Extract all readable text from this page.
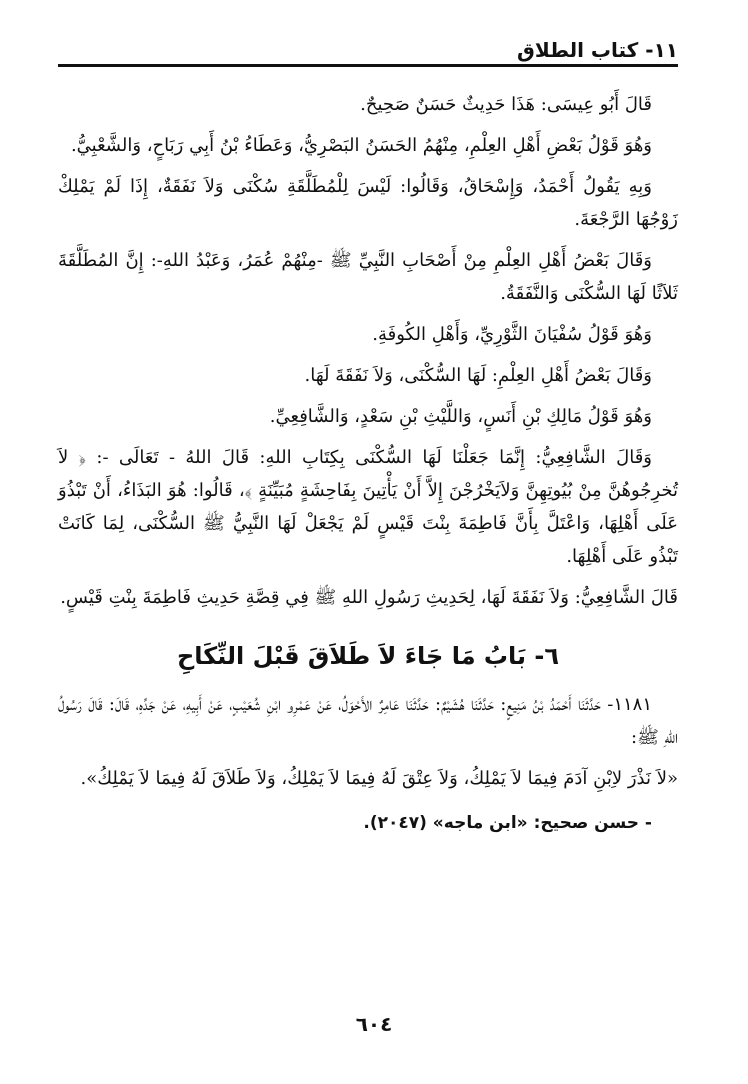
١١- كتاب الطلاق

قَالَ أَبُو عِيسَى: هَذَا حَدِيثٌ حَسَنٌ صَحِيحٌ.

وَهُوَ قَوْلُ بَعْضِ أَهْلِ العِلْمِ، مِنْهُمُ الحَسَنُ البَصْرِيُّ، وَعَطَاءُ بْنُ أَبِي رَبَاحٍ، وَالشَّعْبِيُّ.

وَبِهِ يَقُولُ أَحْمَدُ، وَإِسْحَاقُ، وَقَالُوا: لَيْسَ لِلْمُطَلَّقَةِ سُكْنَى وَلاَ نَفَقَةٌ، إِذَا لَمْ يَمْلِكْ زَوْجُهَا الرَّجْعَةَ.

وَقَالَ بَعْضُ أَهْلِ العِلْمِ مِنْ أَصْحَابِ النَّبِيِّ ﷺ -مِنْهُمْ عُمَرُ، وَعَبْدُ اللهِ-: إِنَّ المُطَلَّقَةَ ثَلاَثًا لَهَا السُّكْنَى وَالنَّفَقَةُ.

وَهُوَ قَوْلُ سُفْيَانَ الثَّوْرِيِّ، وَأَهْلِ الكُوفَةِ.

وَقَالَ بَعْضُ أَهْلِ العِلْمِ: لَهَا السُّكْنَى، وَلاَ نَفَقَةَ لَهَا.

وَهُوَ قَوْلُ مَالِكِ بْنِ أَنَسٍ، وَاللَّيْثِ بْنِ سَعْدٍ، وَالشَّافِعِيِّ.

وَقَالَ الشَّافِعِيُّ: إِنَّمَا جَعَلْنَا لَهَا السُّكْنَى بِكِتَابِ اللهِ: قَالَ اللهُ - تَعَالَى -: ﴿ لاَ تُخرِجُوهُنَّ مِنْ بُيُوتِهِنَّ وَلاَيَخْرُجْنَ إِلاَّ أَنْ يَأْتِينَ بِفَاحِشَةٍ مُبَيِّنَةٍ ﴾، قَالُوا: هُوَ البَذَاءُ، أَنْ تَبْذُوَ عَلَى أَهْلِهَا، وَاعْتَلَّ بِأَنَّ فَاطِمَةَ بِنْتَ قَيْسٍ لَمْ يَجْعَلْ لَهَا النَّبِيُّ ﷺ السُّكْنَى، لِمَا كَانَتْ تَبْذُو عَلَى أَهْلِهَا.

قَالَ الشَّافِعِيُّ: وَلاَ نَفَقَةَ لَهَا، لِحَدِيثِ رَسُولِ اللهِ ﷺ فِي قِصَّةِ حَدِيثِ فَاطِمَةَ بِنْتِ قَيْسٍ.

٦- بَابُ مَا جَاءَ لاَ طَلاَقَ قَبْلَ النِّكَاحِ

١١٨١- حَدَّثَنَا أَحْمَدُ بْنُ مَنِيعٍ: حَدَّثَنَا هُشَيْمٌ: حَدَّثَنَا عَامِرٌ الأَحْوَلُ، عَنْ عَمْرِو ابْنِ شُعَيْبٍ، عَنْ أَبِيهِ، عَنْ جَدِّهِ، قَالَ: قَالَ رَسُولُ اللهِ ﷺ:

«لاَ نَذْرَ لاِبْنِ آدَمَ فِيمَا لاَ يَمْلِكُ، وَلاَ عِتْقَ لَهُ فِيمَا لاَ يَمْلِكُ، وَلاَ طَلاَقَ لَهُ فِيمَا لاَ يَمْلِكُ».

- حسن صحيح: «ابن ماجه» (٢٠٤٧).

٦٠٤
